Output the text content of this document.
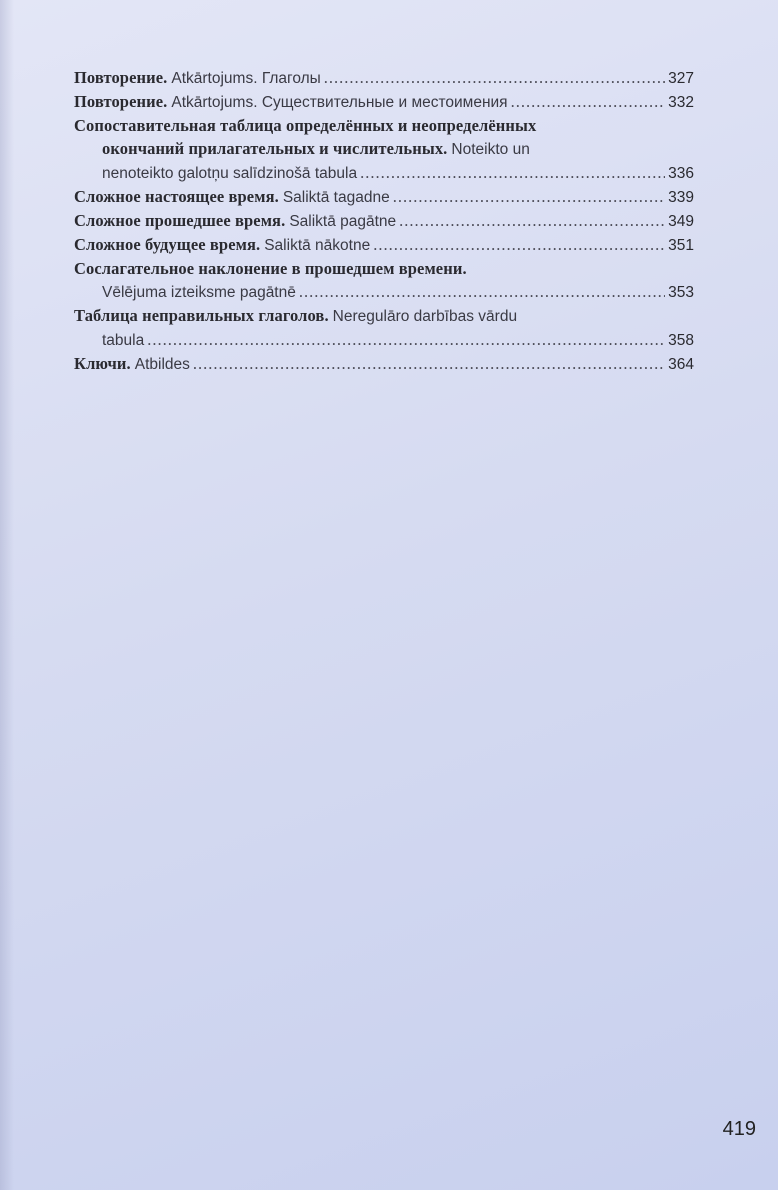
Повторение. Atkārtojums. Глаголы .....	327
Повторение. Atkārtojums. Существительные и местоимения .....	332
Сопоставительная таблица определённых и неопределённых
окончаний прилагательных и числительных. Noteikto un
nenoteikto galotņu salīdzinošā tabula .....	336
Сложное настоящее время. Saliktā tagadne .....	339
Сложное прошедшее время. Saliktā pagātne .....	349
Сложное будущее время. Saliktā nākotne .....	351
Сослагательное наклонение в прошедшем времени.
Vēlējuma izteiksme pagātnē .....	353
Таблица неправильных глаголов. Neregulāro darbības vārdu
tabula .....	358
Ключи. Atbildes .....	364
419
